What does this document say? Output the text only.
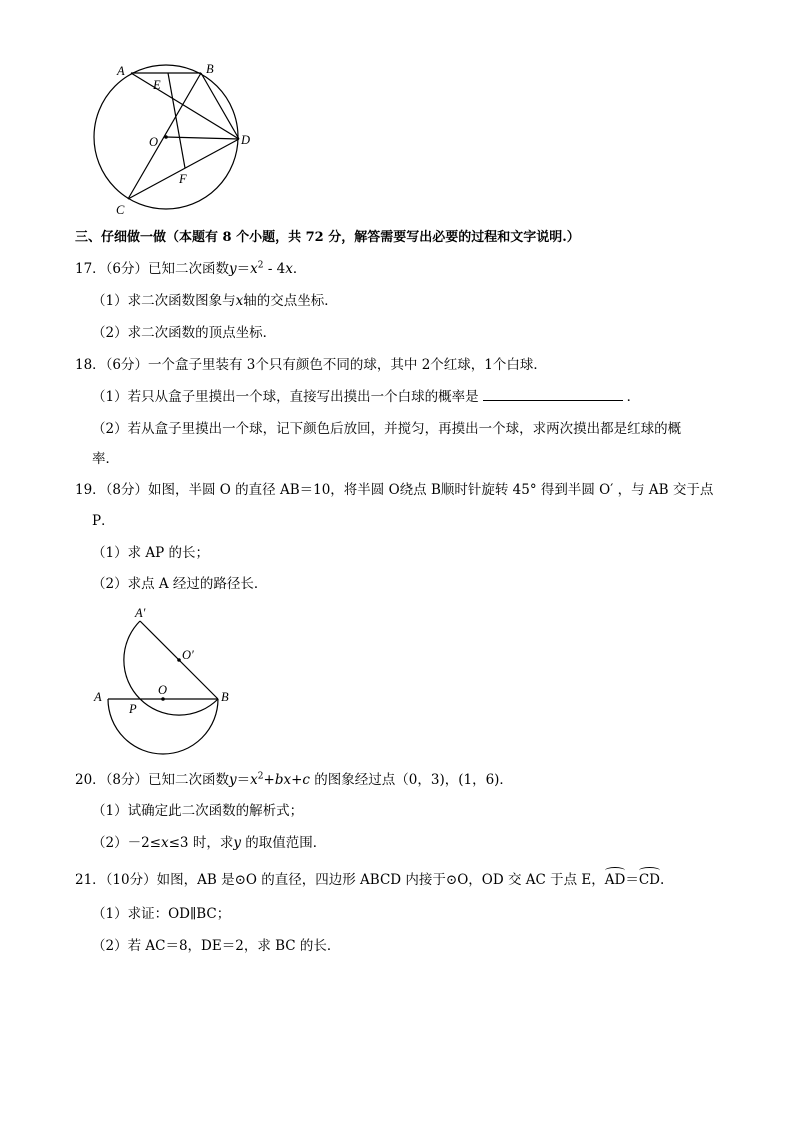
A	B
E
O	D
F
C
三、仔细做一做（本题有 8 个小题，共 72 分，解答需要写出必要的过程和文字说明.）
17．（6分）已知二次函数$y=x^2 - 4x$．
（1）求二次函数图象与x轴的交点坐标．
（2）求二次函数的顶点坐标．
18．（6分）一个盒子里装有 3个只有颜色不同的球，其中 2个红球，1个白球．
（1）若只从盒子里摸出一个球，直接写出摸出一个白球的概率是	．
（2）若从盒子里摸出一个球，记下颜色后放回，并搅匀，再摸出一个球，求两次摸出都是红球的概
率．
19．（8分）如图，半圆 O 的直径 AB＝10，将半圆 O绕点 B顺时针旋转 45° 得到半圆 O′ ，与 AB 交于点
P．
（1）求 AP 的长；
（2）求点 A 经过的路径长．
A′
O′
A	O	B
P
20．（8分）已知二次函数$y=x^2+bx+c$ 的图象经过点（0，3)，(1，6)．
（1）试确定此二次函数的解析式；
（2）－2≤x≤3 时，求y 的取值范围．
21．（10分）如图，AB 是⊙O 的直径，四边形 ABCD 内接于⊙O，OD 交 AC 于点 E，AD＝CD.
（1）求证：OD∥BC；
（2）若 AC＝8，DE＝2，求 BC 的长．
